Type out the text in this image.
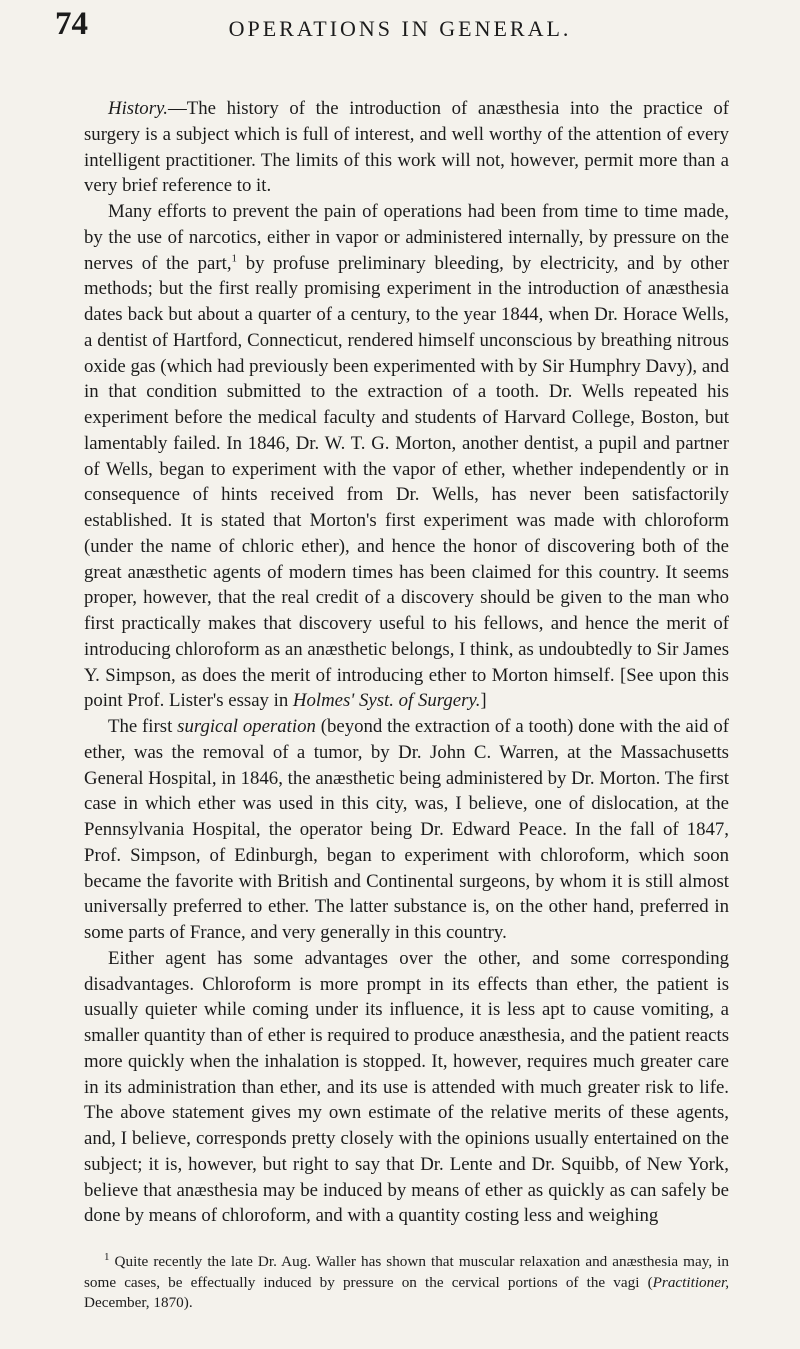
74	OPERATIONS IN GENERAL.

History.—The history of the introduction of anæsthesia into the practice of surgery is a subject which is full of interest, and well worthy of the attention of every intelligent practitioner. The limits of this work will not, however, permit more than a very brief reference to it.

Many efforts to prevent the pain of operations had been from time to time made, by the use of narcotics, either in vapor or administered internally, by pressure on the nerves of the part,$^1$ by profuse preliminary bleeding, by electricity, and by other methods; but the first really promising experiment in the introduction of anæsthesia dates back but about a quarter of a century, to the year 1844, when Dr. Horace Wells, a dentist of Hartford, Connecticut, rendered himself unconscious by breathing nitrous oxide gas (which had previously been experimented with by Sir Humphry Davy), and in that condition submitted to the extraction of a tooth. Dr. Wells repeated his experiment before the medical faculty and students of Harvard College, Boston, but lamentably failed. In 1846, Dr. W. T. G. Morton, another dentist, a pupil and partner of Wells, began to experiment with the vapor of ether, whether independently or in consequence of hints received from Dr. Wells, has never been satisfactorily established. It is stated that Morton's first experiment was made with chloroform (under the name of chloric ether), and hence the honor of discovering both of the great anæsthetic agents of modern times has been claimed for this country. It seems proper, however, that the real credit of a discovery should be given to the man who first practically makes that discovery useful to his fellows, and hence the merit of introducing chloroform as an anæsthetic belongs, I think, as undoubtedly to Sir James Y. Simpson, as does the merit of introducing ether to Morton himself. [See upon this point Prof. Lister's essay in Holmes' Syst. of Surgery.]

The first surgical operation (beyond the extraction of a tooth) done with the aid of ether, was the removal of a tumor, by Dr. John C. Warren, at the Massachusetts General Hospital, in 1846, the anæsthetic being administered by Dr. Morton. The first case in which ether was used in this city, was, I believe, one of dislocation, at the Pennsylvania Hospital, the operator being Dr. Edward Peace. In the fall of 1847, Prof. Simpson, of Edinburgh, began to experiment with chloroform, which soon became the favorite with British and Continental surgeons, by whom it is still almost universally preferred to ether. The latter substance is, on the other hand, preferred in some parts of France, and very generally in this country.

Either agent has some advantages over the other, and some corresponding disadvantages. Chloroform is more prompt in its effects than ether, the patient is usually quieter while coming under its influence, it is less apt to cause vomiting, a smaller quantity than of ether is required to produce anæsthesia, and the patient reacts more quickly when the inhalation is stopped. It, however, requires much greater care in its administration than ether, and its use is attended with much greater risk to life. The above statement gives my own estimate of the relative merits of these agents, and, I believe, corresponds pretty closely with the opinions usually entertained on the subject; it is, however, but right to say that Dr. Lente and Dr. Squibb, of New York, believe that anæsthesia may be induced by means of ether as quickly as can safely be done by means of chloroform, and with a quantity costing less and weighing

$^1$ Quite recently the late Dr. Aug. Waller has shown that muscular relaxation and anæsthesia may, in some cases, be effectually induced by pressure on the cervical portions of the vagi (Practitioner, December, 1870).
